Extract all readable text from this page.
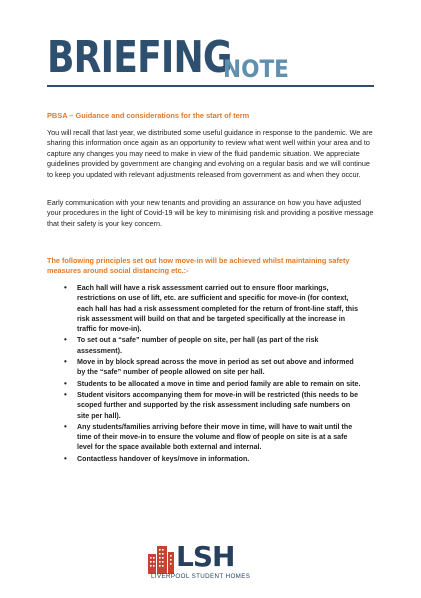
BRIEFING
NOTE
PBSA – Guidance and considerations for the start of term
You will recall that last year, we distributed some useful guidance in response to the pandemic. We are sharing this information once again as an opportunity to review what went well within your area and to capture any changes you may need to make in view of the fluid pandemic situation. We appreciate guidelines provided by government are changing and evolving on a regular basis and we will continue to keep you updated with relevant adjustments released from government as and when they occur.
Early communication with your new tenants and providing an assurance on how you have adjusted your procedures in the light of Covid-19 will be key to minimising risk and providing a positive message that their safety is your key concern.
The following principles set out how move-in will be achieved whilst maintaining safety measures around social distancing etc.:-
• Each hall will have a risk assessment carried out to ensure floor markings, restrictions on use of lift, etc. are sufficient and specific for move-in (for context, each hall has had a risk assessment completed for the return of front-line staff, this risk assessment will build on that and be targeted specifically at the increase in traffic for move-in).
• To set out a “safe” number of people on site, per hall (as part of the risk assessment).
• Move in by block spread across the move in period as set out above and informed by the “safe” number of people allowed on site per hall.
• Students to be allocated a move in time and period family are able to remain on site.
• Student visitors accompanying them for move-in will be restricted (this needs to be scoped further and supported by the risk assessment including safe numbers on site per hall).
• Any students/families arriving before their move in time, will have to wait until the time of their move-in to ensure the volume and flow of people on site is at a safe level for the space available both external and internal.
• Contactless handover of keys/move in information.
LSH
LIVERPOOL STUDENT HOMES
